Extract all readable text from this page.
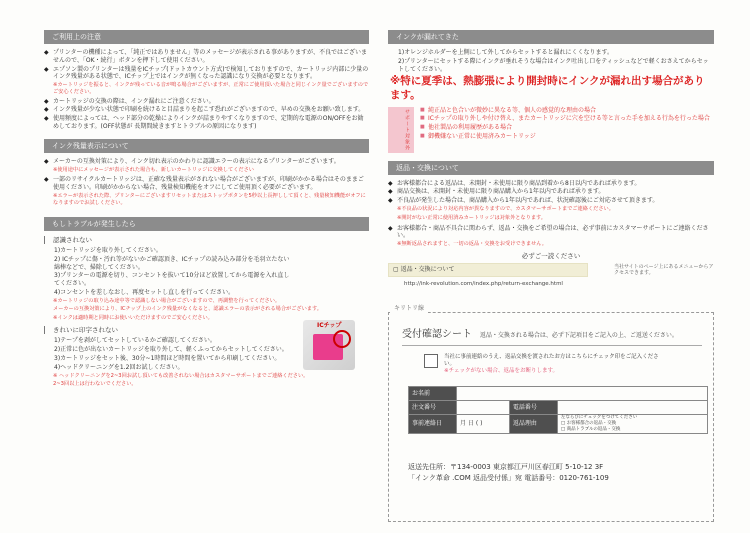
ご利用上の注意
◆ プリンターの機種によって、「純正ではありません」等のメッセージが表示される事がありますが、不良ではございませんので、「OK・続行」ボタンを押下して使用ください。
◆ エプソン製のプリンターは残量をICチップ(ドットカウント方式)で検知しておりますので、カートリッジ内部に少量のインク残量がある状態で、ICチップ上ではインクが無くなった認識になり交換が必要となります。
※カートリッジを振ると、インクが残っている音が鳴る場合がございますが、正常にご使用頂いた場合と同じインク量でございますのでご安心ください。
◆ カートリッジの交換の際は、インク漏れにご注意ください。
◆ インク残量が少ない状態で印刷を続けると目詰まりを起こす恐れがございますので、早めの交換をお願い致します。
◆ 使用頻度によっては、ヘッド部分の乾燥によりインクが詰まりやすくなりますので、定期的な電源のON/OFFをお勧めしております。(OFF状態が 長期間続きますとトラブルの原因になります)
インク残量表示について
◆ メーカーの互換対策により、インク切れ表示のかわりに認識エラーの表示になるプリンターがございます。
※使用途中にメッセージが表示された場合も、新しいカートリッジに交換してください
◆ 一部のリサイクルカートリッジは、正確な残量表示がされない場合がございますが、印刷がかかる場合はそのままご使用ください。印刷がかからない場合、残量検知機能をオフにしてご使用頂く必要がございます。
※エラーが表示された際、プリンターにございますリセットまたはストップボタンを5秒以上長押しして頂くと、残量検知機能がオフになりますのでお試しください。
もしトラブルが発生したら
認識されない
1)カートリッジを取り外してください。
2) ICチップに傷・汚れ等がないかご確認頂き、ICチップの読み込み部分を毛羽立たない綿棒などで、掃除してください。
3)プリンターの電源を切り、コンセントを抜いて10分ほど放置してから電源を入れ直してください。
4)コンセントを差しなおし、再度セットし直しを行ってください。
※カートリッジの取り込み途中等で認識しない場合がございますので、再調整を行ってください。
メーカーの互換対策により、ICチップ上のインク残量がなくなると、認識エラーの表示がされる場合がございます。
※インクは適時期と同時にお使いいただけますのでご安心ください。
きれいに印字されない
1)テープを剥がしてセットしているかご確認してください。
2)正常に色が出ないカートリッジを取り外して、軽くふってからセットしてください。
3)カートリッジをセット後、30分~1時間ほど時間を置いてから印刷してください。
4)ヘッドクリーニングを1.2回お試しください。
※ ヘッドクリーニングを2~3回お試し頂いても改善されない場合はカスタマーサポートまでご連絡ください。
2~3回以上は行わないでください。
ICチップ
インクが漏れてきた
1)オレンジホルダーを上側にして外してからセットすると漏れにくくなります。
2)プリンターにセットする際にインクが垂れそうな場合はインク吐出し口をティッシュなどで軽くおさえてからセットしてください。
※特に夏季は、熱膨張により開封時にインクが漏れ出す場合があります。
サポート対象外	■ 純正品と色合いが微妙に異なる等、個人の感覚的な理由の場合
■ ICチップの取り外しや付け替え、またカートリッジに穴を空ける等と言った手を加える行為を行った場合
■ 他社製品の利用履歴がある場合
■ 御機嫌ない正常に使用済みカートリッジ
返品・交換について
◆ お客様都合による返品は、未開封・未使用に限り商品到着から8日以内であれば承ります。
◆ 商品交換は、未開封・未使用に限り商品購入から1年以内であれば承ります。
◆ 不良品が発生した場合は、商品購入から1年以内であれば、状況確認後にご対応させて頂きます。
※不良品の状況により対応内容が異なりますので、カスタマーサポートまでご連絡ください。
※開封がない正常に使用済みカートリッジは対象外となります。
◆ お客様都合・商品不具合に関わらず、返品・交換をご希望の場合は、必ず事前にカスタマーサポートにご連絡ください。
※無断返品されますと、一切の返品・交換をお受けできません。
必ずご一読ください
▢ 返品・交換について	当社サイトのページ上にあるメニューからアクセスできます。
http://ink-revolution.com/index.php/return-exchange.html
キリトリ線
受付確認シート 返品・交換される場合は、必ず下記項目をご記入の上、ご返送ください。
当社に事前連絡のうえ、返品交換を渡されたお方はこちらにチェック印をご記入ください。
※チェックがない場合、返品をお断りします。
お名前			
注文番号		電話番号	
事前連絡日	月 日 ( )	返品理由	左ならびにチェックをつけてください
□ お客様都合の返品・交換
□ 商品トラブルの返品・交換
返送先住所：〒134-0003 東京都江戸川区春江町 5-10-12 3F
「インク革命 .COM 返品受付係」宛 電話番号：0120-761-109
